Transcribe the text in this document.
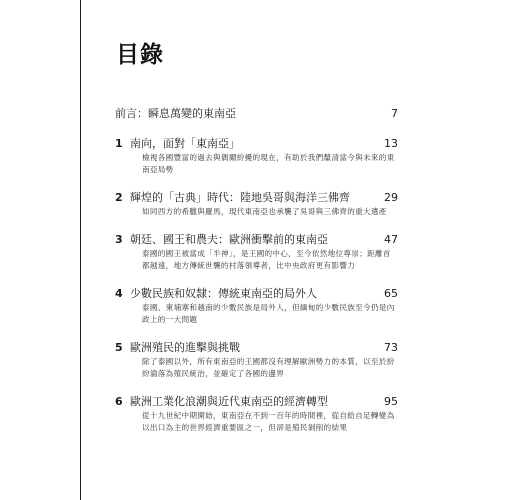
目錄
前言：瞬息萬變的東南亞	7
1 南向，面對「東南亞」	13
檢視各國豐富的過去與偶爾紛擾的現在，有助於我們釐清當今與未來的東南亞局勢
2 輝煌的「古典」時代：陸地吳哥與海洋三佛齊	29
如同西方的希臘與羅馬，現代東南亞也承襲了吳哥與三佛齊的重大遺產
3 朝廷、國王和農夫：歐洲衝擊前的東南亞	47
泰國的國王被當成「半神」，是王國的中心，至今依然地位尊崇；距離首都越遠，地方傳統世襲的村落領導者，比中央政府更有影響力
4 少數民族和奴隸：傳統東南亞的局外人	65
泰國、柬埔寨和越南的少數民族是局外人，但緬甸的少數民族至今仍是內政上的一大問題
5 歐洲殖民的進擊與挑戰	73
除了泰國以外，所有東南亞的王國都沒有理解歐洲勢力的本質，以至於紛紛淪落為殖民統治，並確定了各國的邊界
6 歐洲工業化浪潮與近代東南亞的經濟轉型	95
從十九世紀中期開始，東南亞在不到一百年的時間裡，從自給自足轉變為以出口為主的世界經濟重要區之一，但卻是殖民剝削的結果
